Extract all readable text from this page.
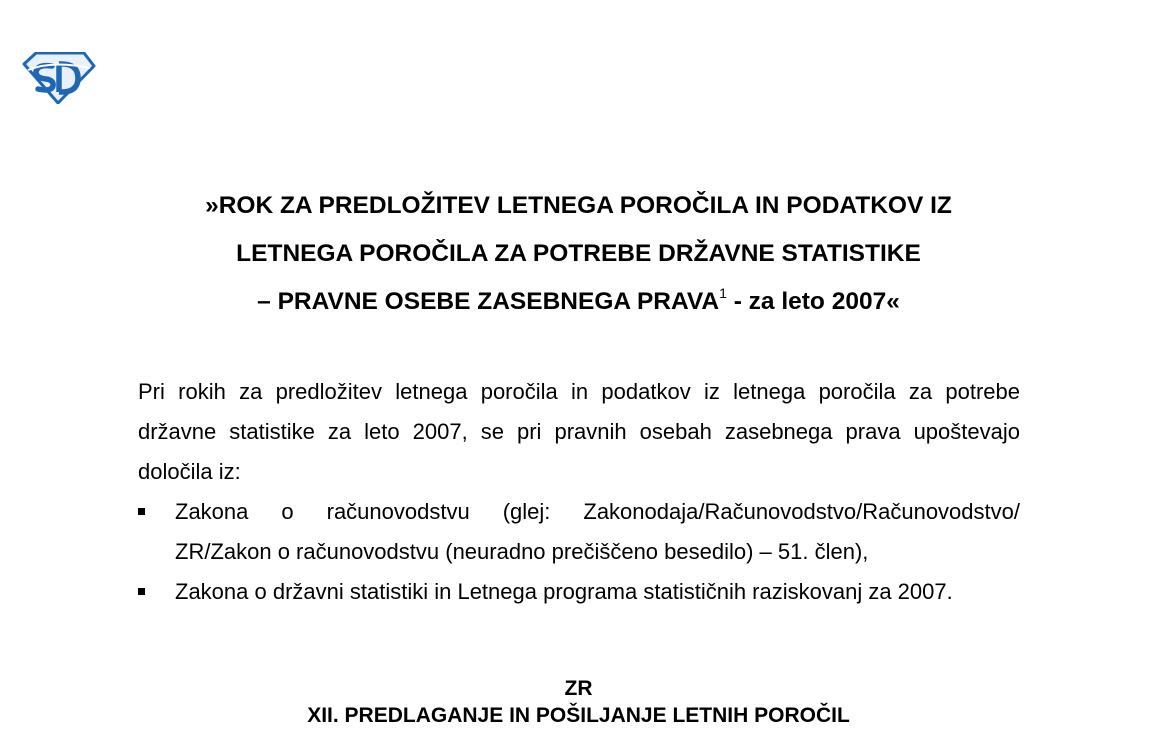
»ROK ZA PREDLOŽITEV LETNEGA POROČILA IN PODATKOV IZ
LETNEGA POROČILA ZA POTREBE DRŽAVNE STATISTIKE
– PRAVNE OSEBE ZASEBNEGA PRAVA$^1$ - za leto 2007«
Pri rokih za predložitev letnega poročila in podatkov iz letnega poročila za potrebe
državne statistike za leto 2007, se pri pravnih osebah zasebnega prava upoštevajo
določila iz:
Zakona o računovodstvu (glej: Zakonodaja/Računovodstvo/Računovodstvo/
ZR/Zakon o računovodstvu (neuradno prečiščeno besedilo) – 51. člen),
Zakona o državni statistiki in Letnega programa statističnih raziskovanj za 2007.
ZR
XII. PREDLAGANJE IN POŠILJANJE LETNIH POROČIL
